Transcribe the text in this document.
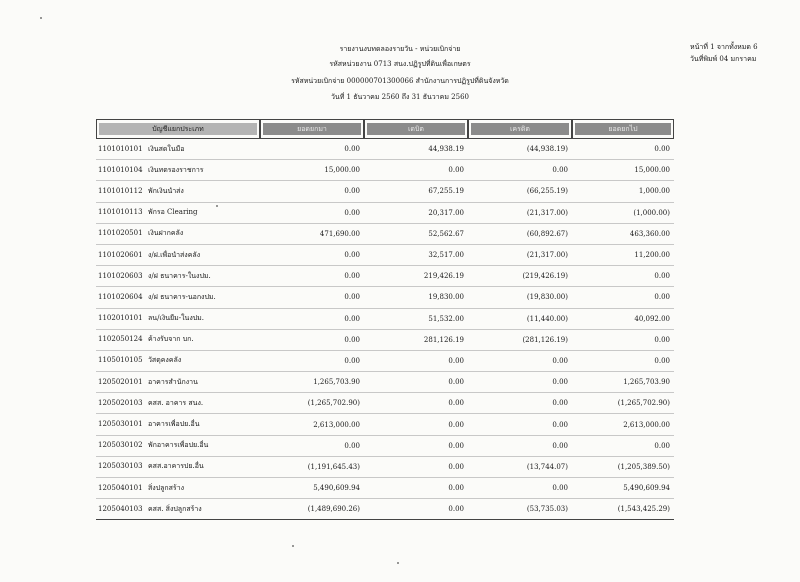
รายงานงบทดลองรายวัน - หน่วยเบิกจ่าย
รหัสหน่วยงาน 0713 สนง.ปฏิรูปที่ดินเพื่อเกษตร
รหัสหน่วยเบิกจ่าย 000000701300066 สำนักงานการปฏิรูปที่ดินจังหวัด
วันที่ 1 ธันวาคม 2560 ถึง 31 ธันวาคม 2560
หน้าที่ 1 จากทั้งหมด 6
วันที่พิมพ์ 04 มกราคม
บัญชีแยกประเภท	ยอดยกมา	เดบิต	เครดิต	ยอดยกไป

1101010101 เงินสดในมือ	0.00	44,938.19	(44,938.19)	0.00
1101010104 เงินทดรองราชการ	15,000.00	0.00	0.00	15,000.00
1101010112 พักเงินนำส่ง	0.00	67,255.19	(66,255.19)	1,000.00
1101010113 พักรอ Clearing	0.00	20,317.00	(21,317.00)	(1,000.00)
1101020501 เงินฝากคลัง	471,690.00	52,562.67	(60,892.67)	463,360.00
1101020601 ง/ฝ.เพื่อนำส่งคลัง	0.00	32,517.00	(21,317.00)	11,200.00
1101020603 ง/ฝ ธนาคาร-ในงปม.	0.00	219,426.19	(219,426.19)	0.00
1101020604 ง/ฝ ธนาคาร-นอกงปม.	0.00	19,830.00	(19,830.00)	0.00
1102010101 ลน/เงินยืม-ในงปม.	0.00	51,532.00	(11,440.00)	40,092.00
1102050124 ค้างรับจาก บก.	0.00	281,126.19	(281,126.19)	0.00
1105010105 วัสดุคงคลัง	0.00	0.00	0.00	0.00
1205020101 อาคารสำนักงาน	1,265,703.90	0.00	0.00	1,265,703.90
1205020103 คสส. อาคาร สนง.	(1,265,702.90)	0.00	0.00	(1,265,702.90)
1205030101 อาคารเพื่อปย.อื่น	2,613,000.00	0.00	0.00	2,613,000.00
1205030102 พักอาคารเพื่อปย.อื่น	0.00	0.00	0.00	0.00
1205030103 คสส.อาคารปย.อื่น	(1,191,645.43)	0.00	(13,744.07)	(1,205,389.50)
1205040101 สิ่งปลูกสร้าง	5,490,609.94	0.00	0.00	5,490,609.94
1205040103 คสส. สิ่งปลูกสร้าง	(1,489,690.26)	0.00	(53,735.03)	(1,543,425.29)
